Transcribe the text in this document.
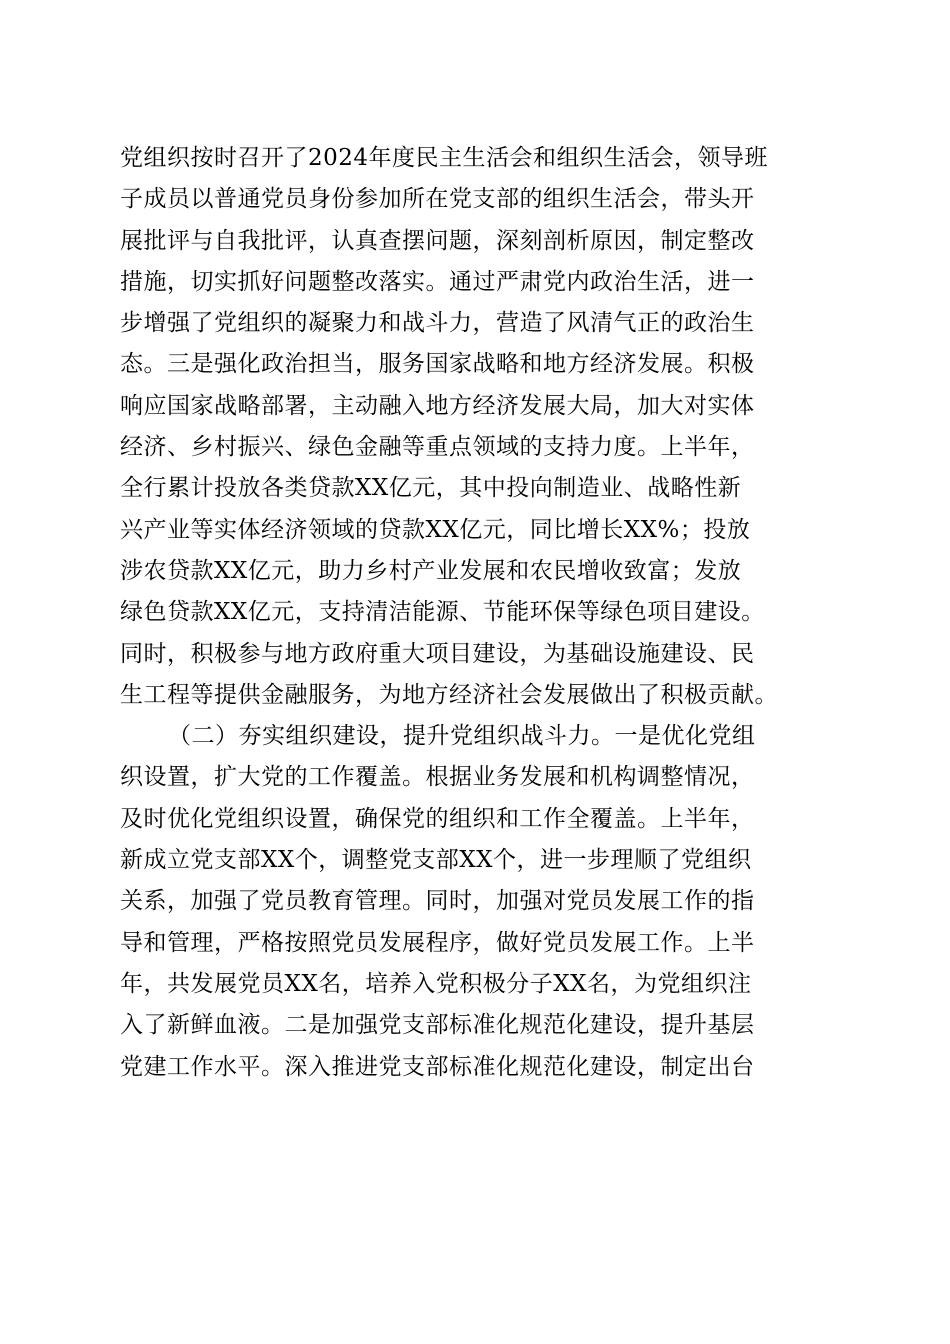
党组织按时召开了2024年度民主生活会和组织生活会，领导班
子成员以普通党员身份参加所在党支部的组织生活会，带头开
展批评与自我批评，认真查摆问题，深刻剖析原因，制定整改
措施，切实抓好问题整改落实。通过严肃党内政治生活，进一
步增强了党组织的凝聚力和战斗力，营造了风清气正的政治生
态。三是强化政治担当，服务国家战略和地方经济发展。积极
响应国家战略部署，主动融入地方经济发展大局，加大对实体
经济、乡村振兴、绿色金融等重点领域的支持力度。上半年，
全行累计投放各类贷款XX亿元，其中投向制造业、战略性新
兴产业等实体经济领域的贷款XX亿元，同比增长XX%；投放
涉农贷款XX亿元，助力乡村产业发展和农民增收致富；发放
绿色贷款XX亿元，支持清洁能源、节能环保等绿色项目建设。
同时，积极参与地方政府重大项目建设，为基础设施建设、民
生工程等提供金融服务，为地方经济社会发展做出了积极贡献。
（二）夯实组织建设，提升党组织战斗力。一是优化党组
织设置，扩大党的工作覆盖。根据业务发展和机构调整情况，
及时优化党组织设置，确保党的组织和工作全覆盖。上半年，
新成立党支部XX个，调整党支部XX个，进一步理顺了党组织
关系，加强了党员教育管理。同时，加强对党员发展工作的指
导和管理，严格按照党员发展程序，做好党员发展工作。上半
年，共发展党员XX名，培养入党积极分子XX名，为党组织注
入了新鲜血液。二是加强党支部标准化规范化建设，提升基层
党建工作水平。深入推进党支部标准化规范化建设，制定出台
